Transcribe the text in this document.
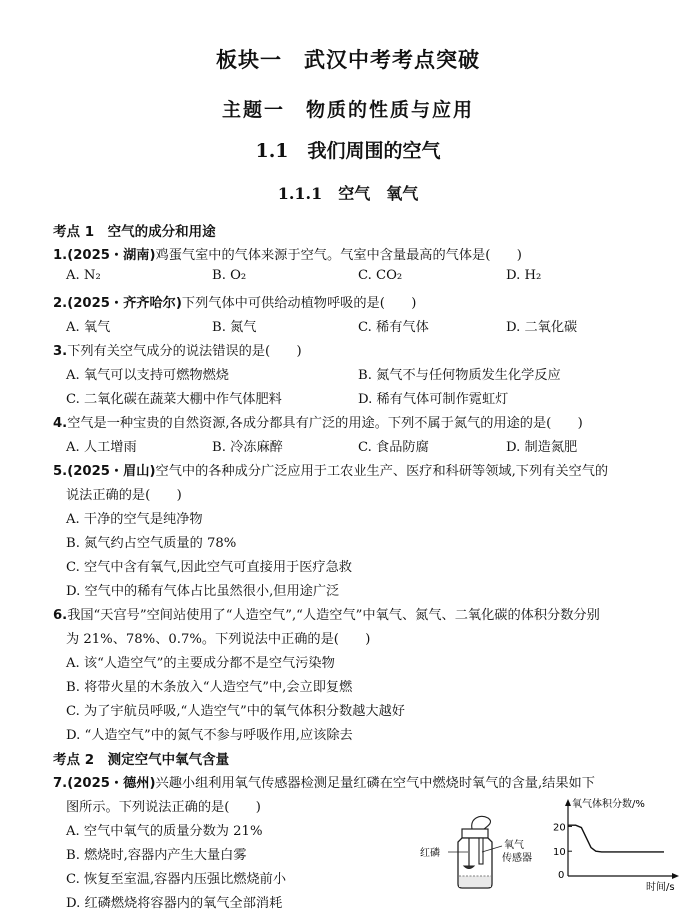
板块一　武汉中考考点突破
主题一　物质的性质与应用
1.1　我们周围的空气
1.1.1　空气　氧气
考点 1　空气的成分和用途
1.(2025・湖南)鸡蛋气室中的气体来源于空气。气室中含量最高的气体是(　　)
A. N₂	B. O₂	C. CO₂	D. H₂
2.(2025・齐齐哈尔)下列气体中可供给动植物呼吸的是(　　)
A. 氧气	B. 氮气	C. 稀有气体	D. 二氧化碳
3.下列有关空气成分的说法错误的是(　　)
A. 氧气可以支持可燃物燃烧	B. 氮气不与任何物质发生化学反应
C. 二氧化碳在蔬菜大棚中作气体肥料	D. 稀有气体可制作霓虹灯
4.空气是一种宝贵的自然资源,各成分都具有广泛的用途。下列不属于氮气的用途的是(　　)
A. 人工增雨	B. 冷冻麻醉	C. 食品防腐	D. 制造氮肥
5.(2025・眉山)空气中的各种成分广泛应用于工农业生产、医疗和科研等领域,下列有关空气的
说法正确的是(　　)
A. 干净的空气是纯净物
B. 氮气约占空气质量的 78%
C. 空气中含有氧气,因此空气可直接用于医疗急救
D. 空气中的稀有气体占比虽然很小,但用途广泛
6.我国“天宫号”空间站使用了“人造空气”,“人造空气”中氧气、氮气、二氧化碳的体积分数分别
为 21%、78%、0.7%。下列说法中正确的是(　　)
A. 该“人造空气”的主要成分都不是空气污染物
B. 将带火星的木条放入“人造空气”中,会立即复燃
C. 为了宇航员呼吸,“人造空气”中的氧气体积分数越大越好
D. “人造空气”中的氮气不参与呼吸作用,应该除去
考点 2　测定空气中氧气含量
7.(2025・德州)兴趣小组利用氧气传感器检测足量红磷在空气中燃烧时氧气的含量,结果如下
图所示。下列说法正确的是(　　)
A. 空气中氧气的质量分数为 21%
B. 燃烧时,容器内产生大量白雾
C. 恢复至室温,容器内压强比燃烧前小
D. 红磷燃烧将容器内的氧气全部消耗
红磷
氧气
传感器
10
20
氧气体积分数/%
时间/s
0
